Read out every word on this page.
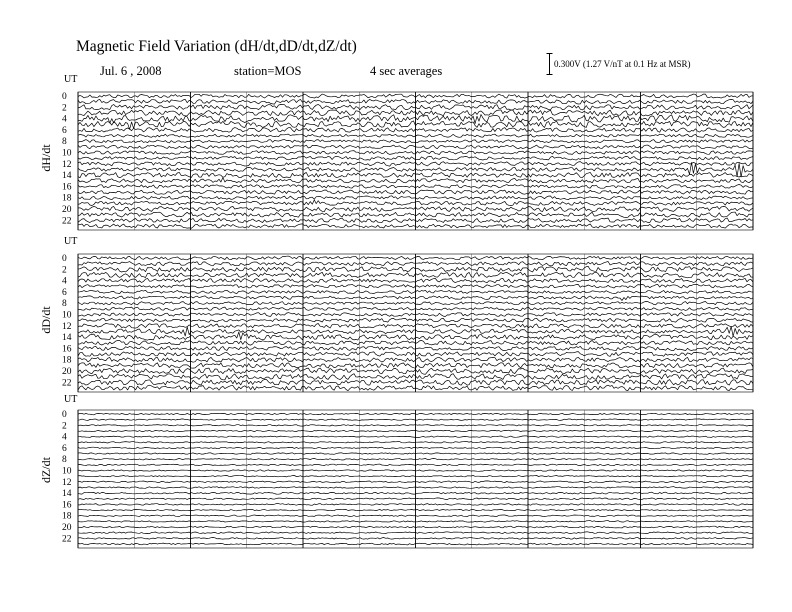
UT
0
2
4
6
8
10
12
14
16
18
20
22
dH/dt
UT
0
2
4
6
8
10
12
14
16
18
20
22
dD/dt
UT
0
2
4
6
8
10
12
14
16
18
20
22
dZ/dt
Magnetic Field Variation (dH/dt,dD/dt,dZ/dt)
Jul. 6 , 2008	station=MOS	4 sec averages	0.300V (1.27 V/nT at 0.1 Hz at MSR)
